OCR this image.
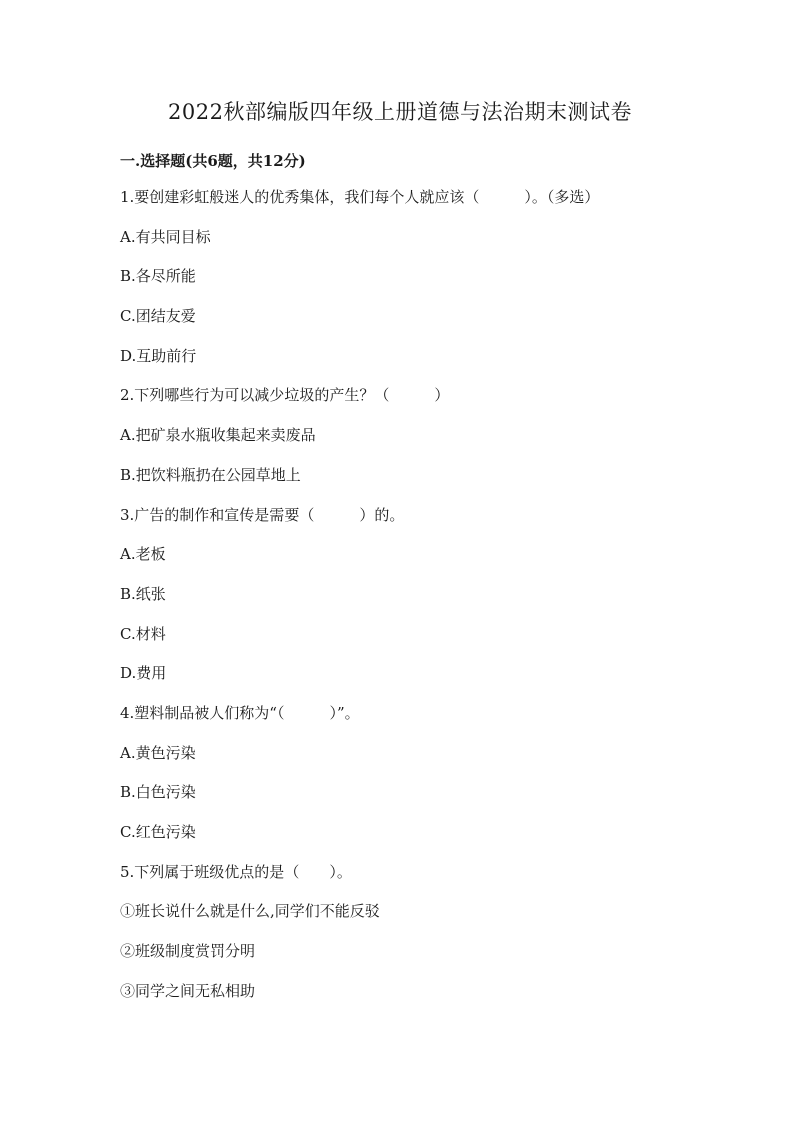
2022秋部编版四年级上册道德与法治期末测试卷
一.选择题(共6题，共12分)
1.要创建彩虹般迷人的优秀集体，我们每个人就应该（　　　）。（多选）
A.有共同目标
B.各尽所能
C.团结友爱
D.互助前行
2.下列哪些行为可以减少垃圾的产生？（　　　）
A.把矿泉水瓶收集起来卖废品
B.把饮料瓶扔在公园草地上
3.广告的制作和宣传是需要（　　　）的。
A.老板
B.纸张
C.材料
D.费用
4.塑料制品被人们称为“（　　　）”。
A.黄色污染
B.白色污染
C.红色污染
5.下列属于班级优点的是（　　）。
①班长说什么就是什么,同学们不能反驳
②班级制度赏罚分明
③同学之间无私相助
